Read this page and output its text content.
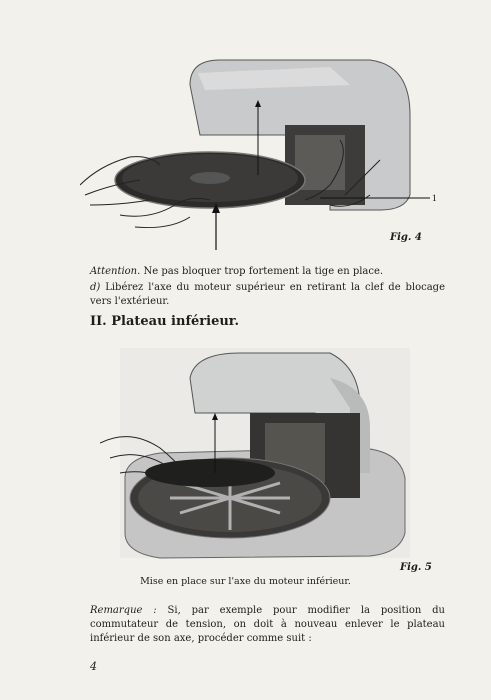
1
Fig. 4
Attention. Ne pas bloquer trop fortement la tige en place.
d) Libérez l'axe du moteur supérieur en retirant la clef de blocage vers l'extérieur.
II. Plateau inférieur.
Fig. 5
Mise en place sur l'axe du moteur inférieur.
Remarque : Si, par exemple pour modifier la position du commutateur de tension, on doit à nouveau enlever le plateau inférieur de son axe, procéder comme suit :
4
